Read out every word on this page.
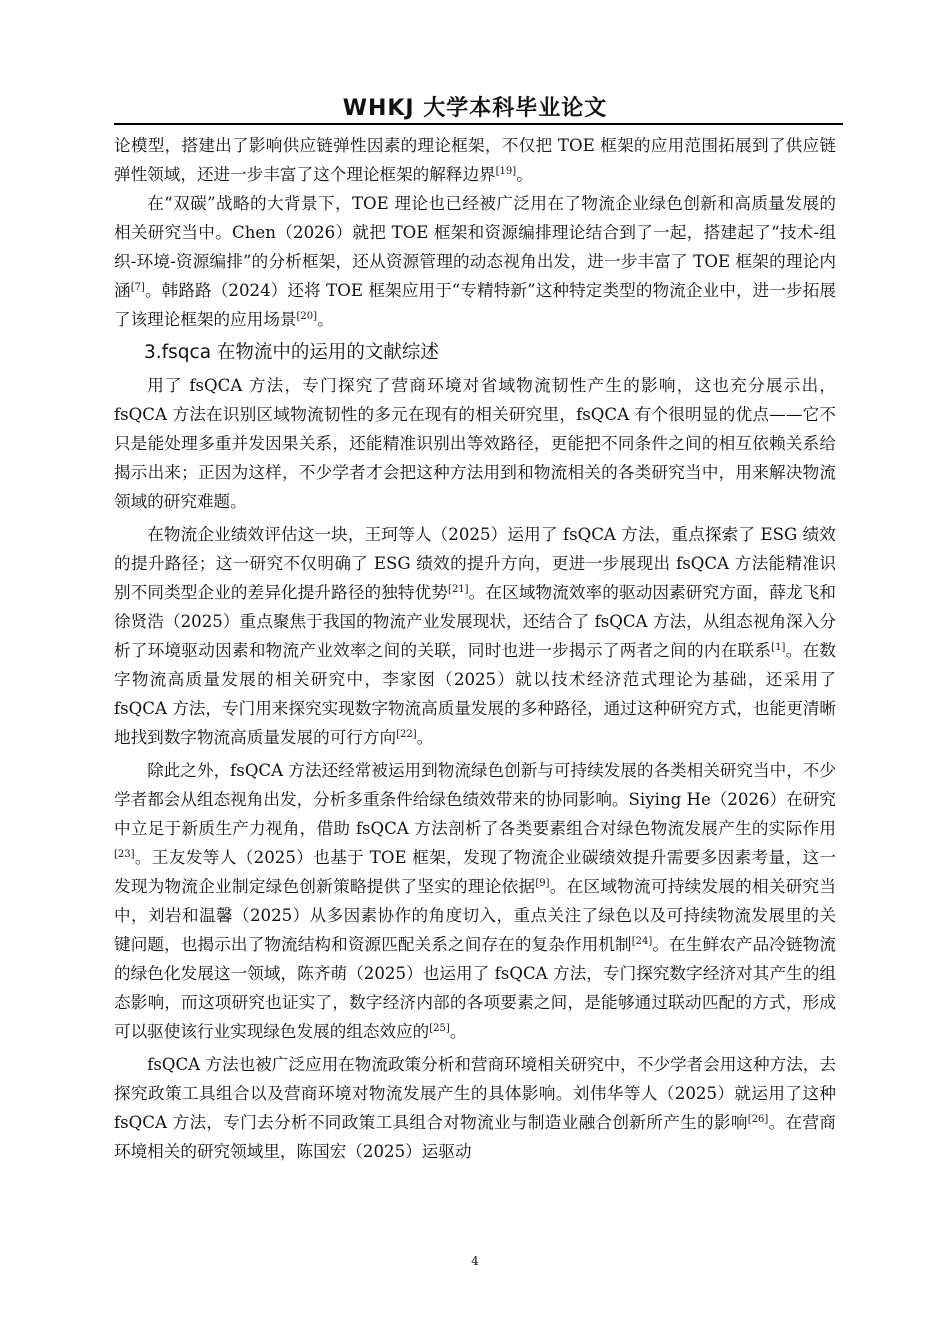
WHKJ 大学本科毕业论文

论模型，搭建出了影响供应链弹性因素的理论框架，不仅把 TOE 框架的应用范围拓展到了供应链弹性领域，还进一步丰富了这个理论框架的解释边界[19]。

在“双碳”战略的大背景下，TOE 理论也已经被广泛用在了物流企业绿色创新和高质量发展的相关研究当中。Chen（2026）就把 TOE 框架和资源编排理论结合到了一起，搭建起了“技术-组织-环境-资源编排”的分析框架，还从资源管理的动态视角出发，进一步丰富了 TOE 框架的理论内涵[7]。韩路路（2024）还将 TOE 框架应用于“专精特新”这种特定类型的物流企业中，进一步拓展了该理论框架的应用场景[20]。

3.fsqca 在物流中的运用的文献综述

用了 fsQCA 方法，专门探究了营商环境对省域物流韧性产生的影响，这也充分展示出，fsQCA 方法在识别区域物流韧性的多元在现有的相关研究里，fsQCA 有个很明显的优点——它不只是能处理多重并发因果关系，还能精准识别出等效路径，更能把不同条件之间的相互依赖关系给揭示出来；正因为这样，不少学者才会把这种方法用到和物流相关的各类研究当中，用来解决物流领域的研究难题。

在物流企业绩效评估这一块，王珂等人（2025）运用了 fsQCA 方法，重点探索了 ESG 绩效的提升路径；这一研究不仅明确了 ESG 绩效的提升方向，更进一步展现出 fsQCA 方法能精准识别不同类型企业的差异化提升路径的独特优势[21]。在区域物流效率的驱动因素研究方面，薛龙飞和徐贤浩（2025）重点聚焦于我国的物流产业发展现状，还结合了 fsQCA 方法，从组态视角深入分析了环境驱动因素和物流产业效率之间的关联，同时也进一步揭示了两者之间的内在联系[1]。在数字物流高质量发展的相关研究中，李家囡（2025）就以技术经济范式理论为基础，还采用了 fsQCA 方法，专门用来探究实现数字物流高质量发展的多种路径，通过这种研究方式，也能更清晰地找到数字物流高质量发展的可行方向[22]。

除此之外，fsQCA 方法还经常被运用到物流绿色创新与可持续发展的各类相关研究当中，不少学者都会从组态视角出发，分析多重条件给绿色绩效带来的协同影响。Siying He（2026）在研究中立足于新质生产力视角，借助 fsQCA 方法剖析了各类要素组合对绿色物流发展产生的实际作用[23]。王友发等人（2025）也基于 TOE 框架，发现了物流企业碳绩效提升需要多因素考量，这一发现为物流企业制定绿色创新策略提供了坚实的理论依据[9]。在区域物流可持续发展的相关研究当中，刘岩和温馨（2025）从多因素协作的角度切入，重点关注了绿色以及可持续物流发展里的关键问题，也揭示出了物流结构和资源匹配关系之间存在的复杂作用机制[24]。在生鲜农产品冷链物流的绿色化发展这一领域，陈齐萌（2025）也运用了 fsQCA 方法，专门探究数字经济对其产生的组态影响，而这项研究也证实了，数字经济内部的各项要素之间，是能够通过联动匹配的方式，形成可以驱使该行业实现绿色发展的组态效应的[25]。

fsQCA 方法也被广泛应用在物流政策分析和营商环境相关研究中，不少学者会用这种方法，去探究政策工具组合以及营商环境对物流发展产生的具体影响。刘伟华等人（2025）就运用了这种 fsQCA 方法，专门去分析不同政策工具组合对物流业与制造业融合创新所产生的影响[26]。在营商环境相关的研究领域里，陈国宏（2025）运驱动

4
